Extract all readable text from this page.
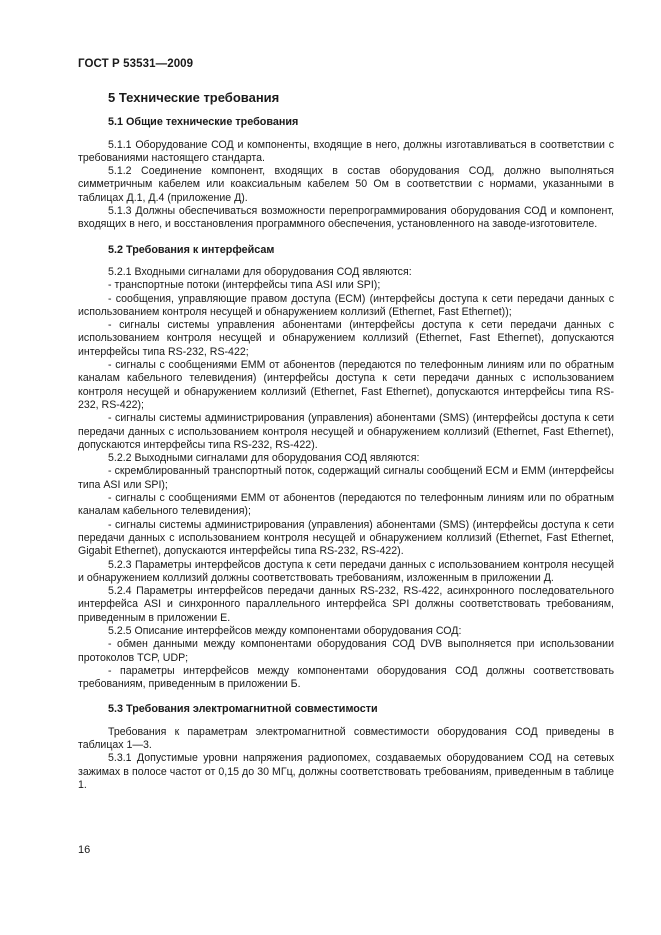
ГОСТ Р 53531—2009
5 Технические требования
5.1 Общие технические требования

5.1.1 Оборудование СОД и компоненты, входящие в него, должны изготавливаться в соответствии с требованиями настоящего стандарта.

5.1.2 Соединение компонент, входящих в состав оборудования СОД, должно выполняться симметричным кабелем или коаксиальным кабелем 50 Ом в соответствии с нормами, указанными в таблицах Д.1, Д.4 (приложение Д).

5.1.3 Должны обеспечиваться возможности перепрограммирования оборудования СОД и компонент, входящих в него, и восстановления программного обеспечения, установленного на заводе-изготовителе.

5.2 Требования к интерфейсам

5.2.1 Входными сигналами для оборудования СОД являются:

- транспортные потоки (интерфейсы типа ASI или SPI);

- сообщения, управляющие правом доступа (ECM) (интерфейсы доступа к сети передачи данных с использованием контроля несущей и обнаружением коллизий (Ethernet, Fast Ethernet));

- сигналы системы управления абонентами (интерфейсы доступа к сети передачи данных с использованием контроля несущей и обнаружением коллизий (Ethernet, Fast Ethernet), допускаются интерфейсы типа RS-232, RS-422;

- сигналы с сообщениями EMM от абонентов (передаются по телефонным линиям или по обратным каналам кабельного телевидения) (интерфейсы доступа к сети передачи данных с использованием контроля несущей и обнаружением коллизий (Ethernet, Fast Ethernet), допускаются интерфейсы типа RS-232, RS-422);

- сигналы системы администрирования (управления) абонентами (SMS) (интерфейсы доступа к сети передачи данных с использованием контроля несущей и обнаружением коллизий (Ethernet, Fast Ethernet), допускаются интерфейсы типа RS-232, RS-422).

5.2.2 Выходными сигналами для оборудования СОД являются:

- скремблированный транспортный поток, содержащий сигналы сообщений ECM и EMM (интерфейсы типа ASI или SPI);

- сигналы с сообщениями EMM от абонентов (передаются по телефонным линиям или по обратным каналам кабельного телевидения);

- сигналы системы администрирования (управления) абонентами (SMS) (интерфейсы доступа к сети передачи данных с использованием контроля несущей и обнаружением коллизий (Ethernet, Fast Ethernet, Gigabit Ethernet), допускаются интерфейсы типа RS-232, RS-422).

5.2.3 Параметры интерфейсов доступа к сети передачи данных с использованием контроля несущей и обнаружением коллизий должны соответствовать требованиям, изложенным в приложении Д.

5.2.4 Параметры интерфейсов передачи данных RS-232, RS-422, асинхронного последовательного интерфейса ASI и синхронного параллельного интерфейса SPI должны соответствовать требованиям, приведенным в приложении Е.

5.2.5 Описание интерфейсов между компонентами оборудования СОД:

- обмен данными между компонентами оборудования СОД DVB выполняется при использовании протоколов TCP, UDP;

- параметры интерфейсов между компонентами оборудования СОД должны соответствовать требованиям, приведенным в приложении Б.

5.3 Требования электромагнитной совместимости

Требования к параметрам электромагнитной совместимости оборудования СОД приведены в таблицах 1—3.

5.3.1 Допустимые уровни напряжения радиопомех, создаваемых оборудованием СОД на сетевых зажимах в полосе частот от 0,15 до 30 МГц, должны соответствовать требованиям, приведенным в таблице 1.

16
